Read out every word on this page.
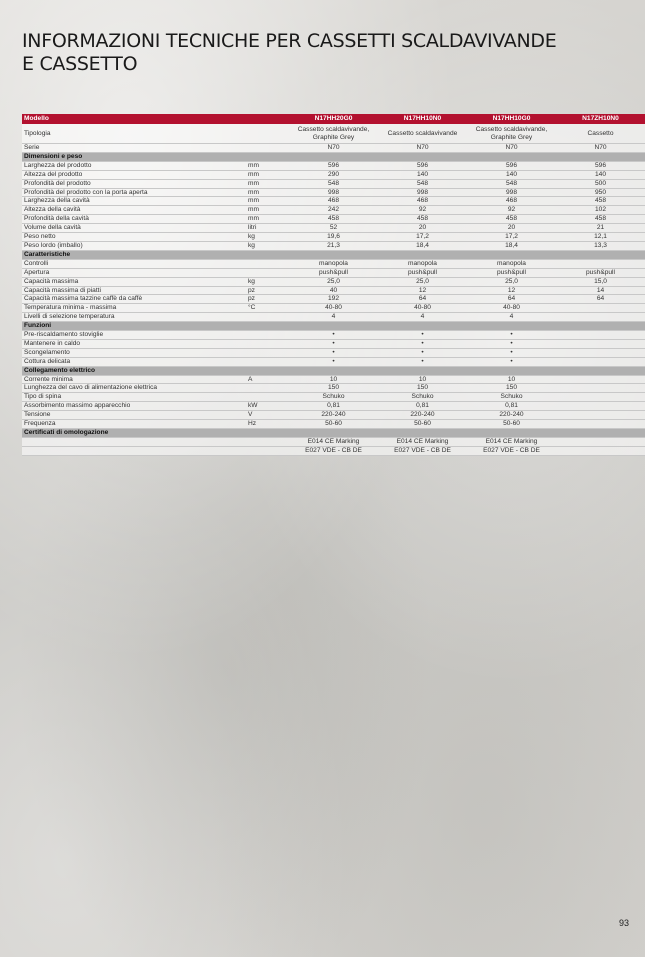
INFORMAZIONI TECNICHE PER CASSETTI SCALDAVIVANDE
E CASSETTO
Modello		N17HH20G0	N17HH10N0	N17HH10G0	N17ZH10N0
Tipologia		Cassetto scaldavivande, Graphite Grey	Cassetto scaldavivande	Cassetto scaldavivande, Graphite Grey	Cassetto
Serie		N70	N70	N70	N70
Dimensioni e peso					
Larghezza del prodotto	mm	596	596	596	596
Altezza del prodotto	mm	290	140	140	140
Profondità del prodotto	mm	548	548	548	500
Profondità del prodotto con la porta aperta	mm	998	998	998	950
Larghezza della cavità	mm	468	468	468	458
Altezza della cavità	mm	242	92	92	102
Profondità della cavità	mm	458	458	458	458
Volume della cavità	litri	52	20	20	21
Peso netto	kg	19,6	17,2	17,2	12,1
Peso lordo (imballo)	kg	21,3	18,4	18,4	13,3
Caratteristiche					
Controlli		manopola	manopola	manopola	
Apertura		push&pull	push&pull	push&pull	push&pull
Capacità massima	kg	25,0	25,0	25,0	15,0
Capacità massima di piatti	pz	40	12	12	14
Capacità massima tazzine caffè da caffè	pz	192	64	64	64
Temperatura minima - massima	°C	40-80	40-80	40-80	
Livelli di selezione temperatura		4	4	4	
Funzioni					
Pre-riscaldamento stoviglie		•	•	•	
Mantenere in caldo		•	•	•	
Scongelamento		•	•	•	
Cottura delicata		•	•	•	
Collegamento elettrico					
Corrente minima	A	10	10	10	
Lunghezza del cavo di alimentazione elettrica		150	150	150	
Tipo di spina		Schuko	Schuko	Schuko	
Assorbimento massimo apparecchio	kW	0,81	0,81	0,81	
Tensione	V	220-240	220-240	220-240	
Frequenza	Hz	50-60	50-60	50-60	
Certificati di omologazione					
		E014 CE Marking	E014 CE Marking	E014 CE Marking	
		E027 VDE - CB DE	E027 VDE - CB DE	E027 VDE - CB DE	
93
